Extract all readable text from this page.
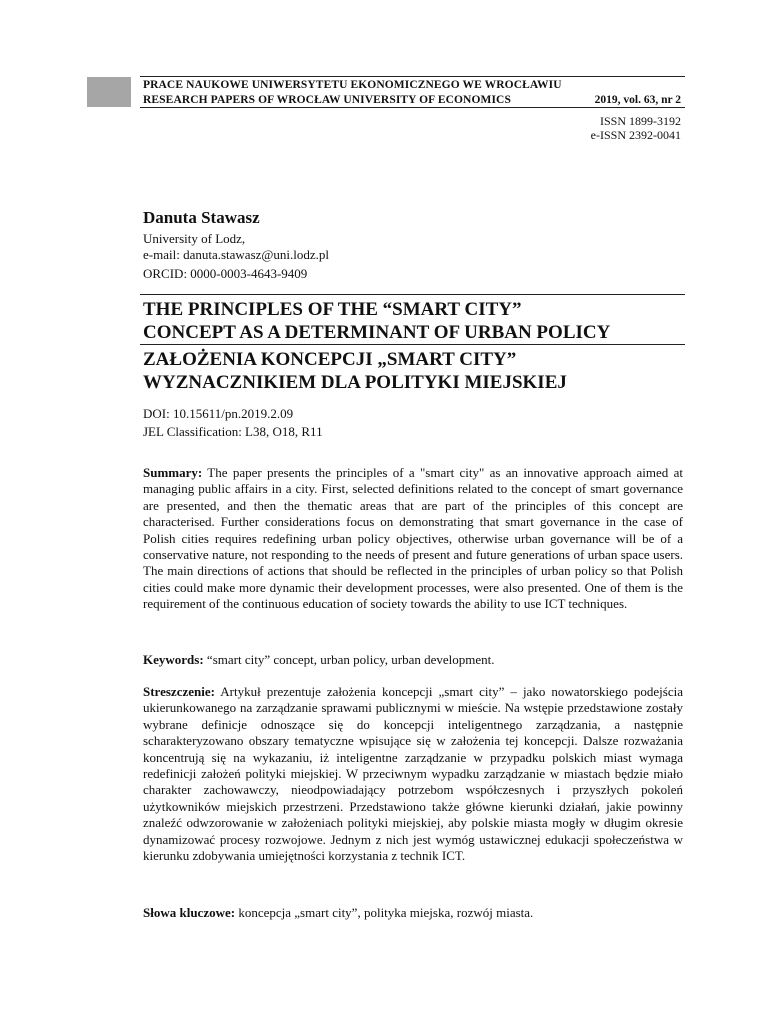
PRACE NAUKOWE UNIWERSYTETU EKONOMICZNEGO WE WROCŁAWIU
RESEARCH PAPERS OF WROCŁAW UNIVERSITY OF ECONOMICS	2019, vol. 63, nr 2
ISSN 1899-3192
e-ISSN 2392-0041
Danuta Stawasz
University of Lodz,
e-mail: danuta.stawasz@uni.lodz.pl
ORCID: 0000-0003-4643-9409
THE PRINCIPLES OF THE “SMART CITY”
CONCEPT AS A DETERMINANT OF URBAN POLICY
ZAŁOŻENIA KONCEPCJI „SMART CITY”
WYZNACZNIKIEM DLA POLITYKI MIEJSKIEJ
DOI: 10.15611/pn.2019.2.09
JEL Classification: L38, O18, R11
Summary: The paper presents the principles of a "smart city" as an innovative approach aimed at managing public affairs in a city. First, selected definitions related to the concept of smart governance are presented, and then the thematic areas that are part of the principles of this concept are characterised. Further considerations focus on demonstrating that smart governance in the case of Polish cities requires redefining urban policy objectives, otherwise urban governance will be of a conservative nature, not responding to the needs of present and future generations of urban space users. The main directions of actions that should be reflected in the principles of urban policy so that Polish cities could make more dynamic their development processes, were also presented. One of them is the requirement of the continuous education of society towards the ability to use ICT techniques.
Keywords: “smart city” concept, urban policy, urban development.
Streszczenie: Artykuł prezentuje założenia koncepcji „smart city” – jako nowatorskiego podejścia ukierunkowanego na zarządzanie sprawami publicznymi w mieście. Na wstępie przedstawione zostały wybrane definicje odnoszące się do koncepcji inteligentnego zarządzania, a następnie scharakteryzowano obszary tematyczne wpisujące się w założenia tej koncepcji. Dalsze rozważania koncentrują się na wykazaniu, iż inteligentne zarządzanie w przypadku polskich miast wymaga redefinicji założeń polityki miejskiej. W przeciwnym wypadku zarządzanie w miastach będzie miało charakter zachowawczy, nieodpowiadający potrzebom współczesnych i przyszłych pokoleń użytkowników miejskich przestrzeni. Przedstawiono także główne kierunki działań, jakie powinny znaleźć odwzorowanie w założeniach polityki miejskiej, aby polskie miasta mogły w długim okresie dynamizować procesy rozwojowe. Jednym z nich jest wymóg ustawicznej edukacji społeczeństwa w kierunku zdobywania umiejętności korzystania z technik ICT.
Słowa kluczowe: koncepcja „smart city”, polityka miejska, rozwój miasta.
